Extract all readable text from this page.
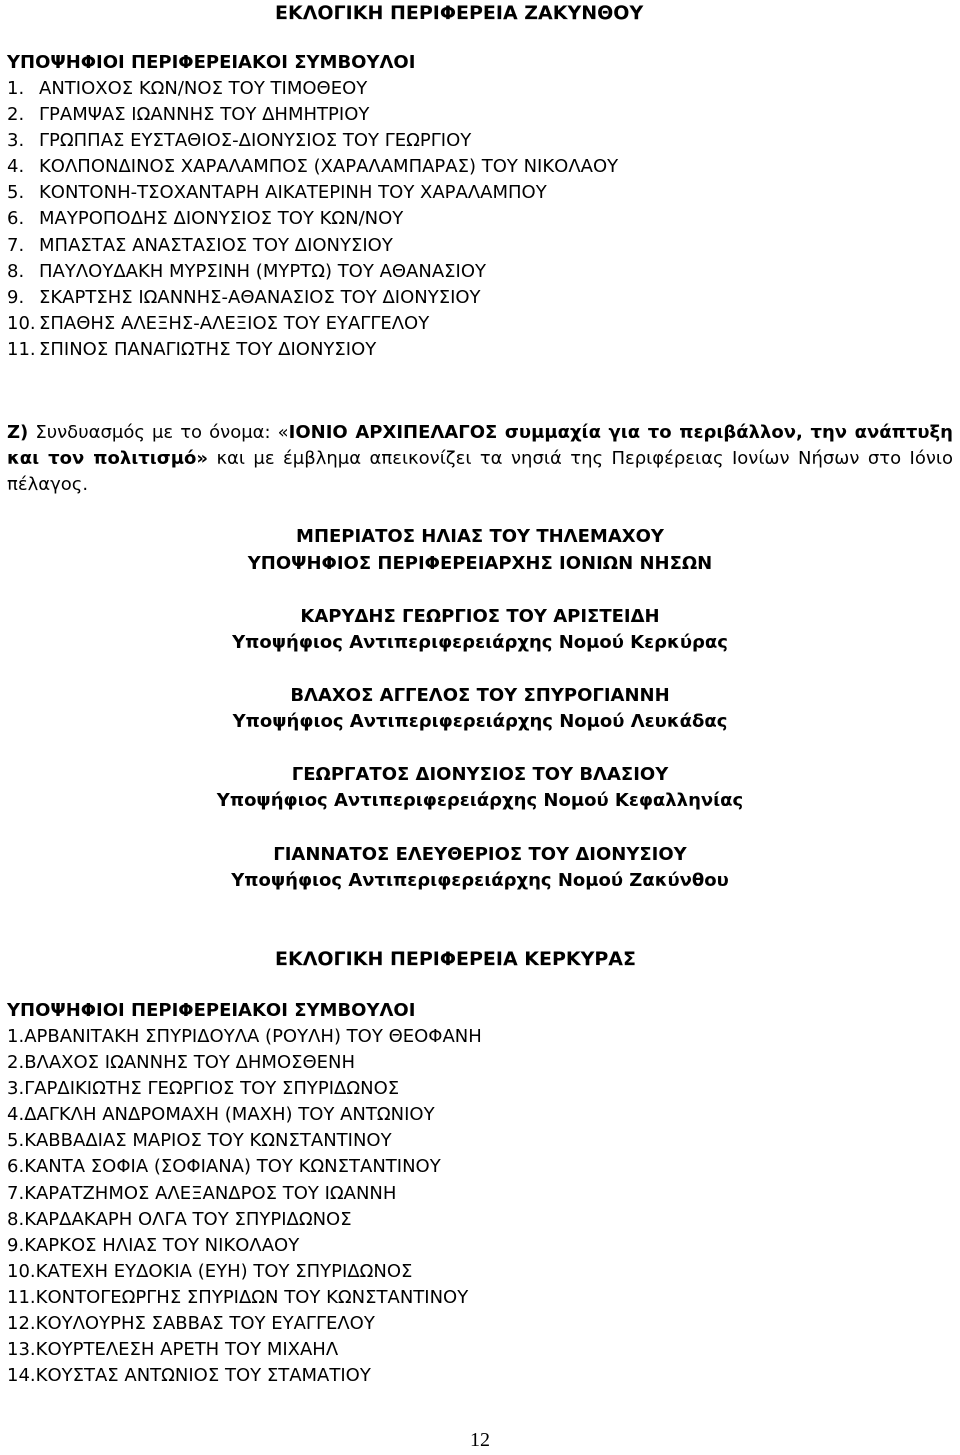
ΕΚΛΟΓΙΚΗ ΠΕΡΙΦΕΡΕΙΑ ΖΑΚΥΝΘΟΥ
ΥΠΟΨΗΦΙΟΙ ΠΕΡΙΦΕΡΕΙΑΚΟΙ ΣΥΜΒΟΥΛΟΙ
1. ΑΝΤΙΟΧΟΣ ΚΩΝ/ΝΟΣ ΤΟΥ ΤΙΜΟΘΕΟΥ
2. ΓΡΑΜΨΑΣ ΙΩΑΝΝΗΣ ΤΟΥ ΔΗΜΗΤΡΙΟΥ
3. ΓΡΩΠΠΑΣ ΕΥΣΤΑΘΙΟΣ-ΔΙΟΝΥΣΙΟΣ ΤΟΥ ΓΕΩΡΓΙΟΥ
4. ΚΟΛΠΟΝΔΙΝΟΣ ΧΑΡΑΛΑΜΠΟΣ (ΧΑΡΑΛΑΜΠΑΡΑΣ) ΤΟΥ ΝΙΚΟΛΑΟΥ
5. ΚΟΝΤΟΝΗ-ΤΣΟΧΑΝΤΑΡΗ ΑΙΚΑΤΕΡΙΝΗ ΤΟΥ ΧΑΡΑΛΑΜΠΟΥ
6. ΜΑΥΡΟΠΟΔΗΣ ΔΙΟΝΥΣΙΟΣ ΤΟΥ ΚΩΝ/ΝΟΥ
7. ΜΠΑΣΤΑΣ ΑΝΑΣΤΑΣΙΟΣ ΤΟΥ ΔΙΟΝΥΣΙΟΥ
8. ΠΑΥΛΟΥΔΑΚΗ ΜΥΡΣΙΝΗ (ΜΥΡΤΩ) ΤΟΥ ΑΘΑΝΑΣΙΟΥ
9. ΣΚΑΡΤΣΗΣ ΙΩΑΝΝΗΣ-ΑΘΑΝΑΣΙΟΣ ΤΟΥ ΔΙΟΝΥΣΙΟΥ
10. ΣΠΑΘΗΣ ΑΛΕΞΗΣ-ΑΛΕΞΙΟΣ ΤΟΥ ΕΥΑΓΓΕΛΟΥ
11. ΣΠΙΝΟΣ ΠΑΝΑΓΙΩΤΗΣ ΤΟΥ ΔΙΟΝΥΣΙΟΥ
Ζ) Συνδυασμός με το όνομα: «ΙΟΝΙΟ ΑΡΧΙΠΕΛΑΓΟΣ συμμαχία για το περιβάλλον, την ανάπτυξη και τον πολιτισμό» και με έμβλημα απεικονίζει τα νησιά της Περιφέρειας Ιονίων Νήσων στο Ιόνιο πέλαγος.
ΜΠΕΡΙΑΤΟΣ ΗΛΙΑΣ ΤΟΥ ΤΗΛΕΜΑΧΟΥ
ΥΠΟΨΗΦΙΟΣ ΠΕΡΙΦΕΡΕΙΑΡΧΗΣ ΙΟΝΙΩΝ ΝΗΣΩΝ
ΚΑΡΥΔΗΣ ΓΕΩΡΓΙΟΣ ΤΟΥ ΑΡΙΣΤΕΙΔΗ
Υποψήφιος Αντιπεριφερειάρχης Νομού Κερκύρας
ΒΛΑΧΟΣ ΑΓΓΕΛΟΣ ΤΟΥ ΣΠΥΡΟΓΙΑΝΝΗ
Υποψήφιος Αντιπεριφερειάρχης Νομού Λευκάδας
ΓΕΩΡΓΑΤΟΣ ΔΙΟΝΥΣΙΟΣ ΤΟΥ ΒΛΑΣΙΟΥ
Υποψήφιος Αντιπεριφερειάρχης Νομού Κεφαλληνίας
ΓΙΑΝΝΑΤΟΣ ΕΛΕΥΘΕΡΙΟΣ ΤΟΥ ΔΙΟΝΥΣΙΟΥ
Υποψήφιος Αντιπεριφερειάρχης Νομού Ζακύνθου
ΕΚΛΟΓΙΚΗ ΠΕΡΙΦΕΡΕΙΑ ΚΕΡΚΥΡΑΣ
ΥΠΟΨΗΦΙΟΙ ΠΕΡΙΦΕΡΕΙΑΚΟΙ ΣΥΜΒΟΥΛΟΙ
1.ΑΡΒΑΝΙΤΑΚΗ ΣΠΥΡΙΔΟΥΛΑ (ΡΟΥΛΗ) ΤΟΥ ΘΕΟΦΑΝΗ
2.ΒΛΑΧΟΣ ΙΩΑΝΝΗΣ ΤΟΥ ΔΗΜΟΣΘΕΝΗ
3.ΓΑΡΔΙΚΙΩΤΗΣ ΓΕΩΡΓΙΟΣ ΤΟΥ ΣΠΥΡΙΔΩΝΟΣ
4.ΔΑΓΚΛΗ ΑΝΔΡΟΜΑΧΗ (ΜΑΧΗ) ΤΟΥ ΑΝΤΩΝΙΟΥ
5.ΚΑΒΒΑΔΙΑΣ ΜΑΡΙΟΣ ΤΟΥ ΚΩΝΣΤΑΝΤΙΝΟΥ
6.ΚΑΝΤΑ ΣΟΦΙΑ (ΣΟΦΙΑΝΑ) ΤΟΥ ΚΩΝΣΤΑΝΤΙΝΟΥ
7.ΚΑΡΑΤΖΗΜΟΣ ΑΛΕΞΑΝΔΡΟΣ ΤΟΥ ΙΩΑΝΝΗ
8.ΚΑΡΔΑΚΑΡΗ ΟΛΓΑ ΤΟΥ ΣΠΥΡΙΔΩΝΟΣ
9.ΚΑΡΚΟΣ ΗΛΙΑΣ ΤΟΥ ΝΙΚΟΛΑΟΥ
10.ΚΑΤΕΧΗ ΕΥΔΟΚΙΑ (ΕΥΗ) ΤΟΥ ΣΠΥΡΙΔΩΝΟΣ
11.ΚΟΝΤΟΓΕΩΡΓΗΣ ΣΠΥΡΙΔΩΝ ΤΟΥ ΚΩΝΣΤΑΝΤΙΝΟΥ
12.ΚΟΥΛΟΥΡΗΣ ΣΑΒΒΑΣ ΤΟΥ ΕΥΑΓΓΕΛΟΥ
13.ΚΟΥΡΤΕΛΕΣΗ ΑΡΕΤΗ ΤΟΥ ΜΙΧΑΗΛ
14.ΚΟΥΣΤΑΣ ΑΝΤΩΝΙΟΣ ΤΟΥ ΣΤΑΜΑΤΙΟΥ
12
